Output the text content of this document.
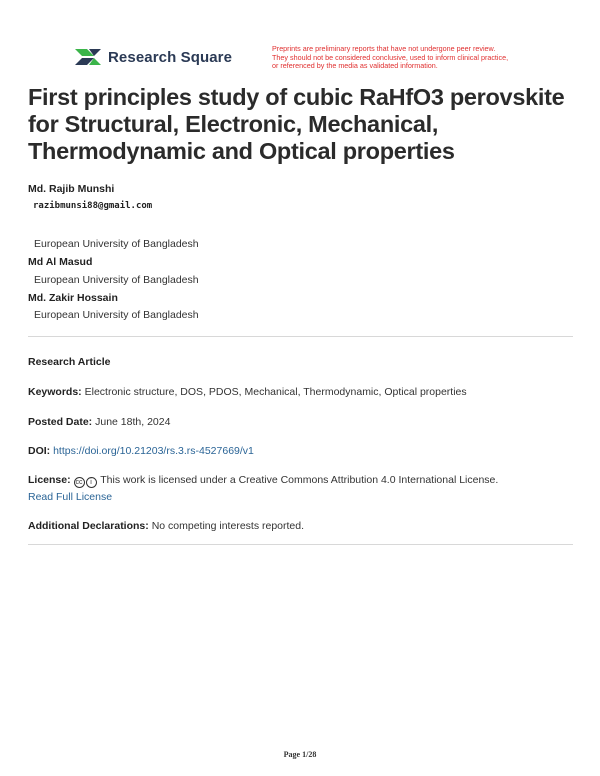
Research Square	Preprints are preliminary reports that have not undergone peer review.
They should not be considered conclusive, used to inform clinical practice,
or referenced by the media as validated information.
First principles study of cubic RaHfO3 perovskite for Structural, Electronic, Mechanical, Thermodynamic and Optical properties
Md. Rajib Munshi
razibmunsi88@gmail.com
European University of Bangladesh
Md Al Masud
European University of Bangladesh
Md. Zakir Hossain
European University of Bangladesh
Research Article
Keywords: Electronic structure, DOS, PDOS, Mechanical, Thermodynamic, Optical properties
Posted Date: June 18th, 2024
DOI: https://doi.org/10.21203/rs.3.rs-4527669/v1
License: cc i This work is licensed under a Creative Commons Attribution 4.0 International License.
Read Full License
Additional Declarations: No competing interests reported.
Page 1/28
